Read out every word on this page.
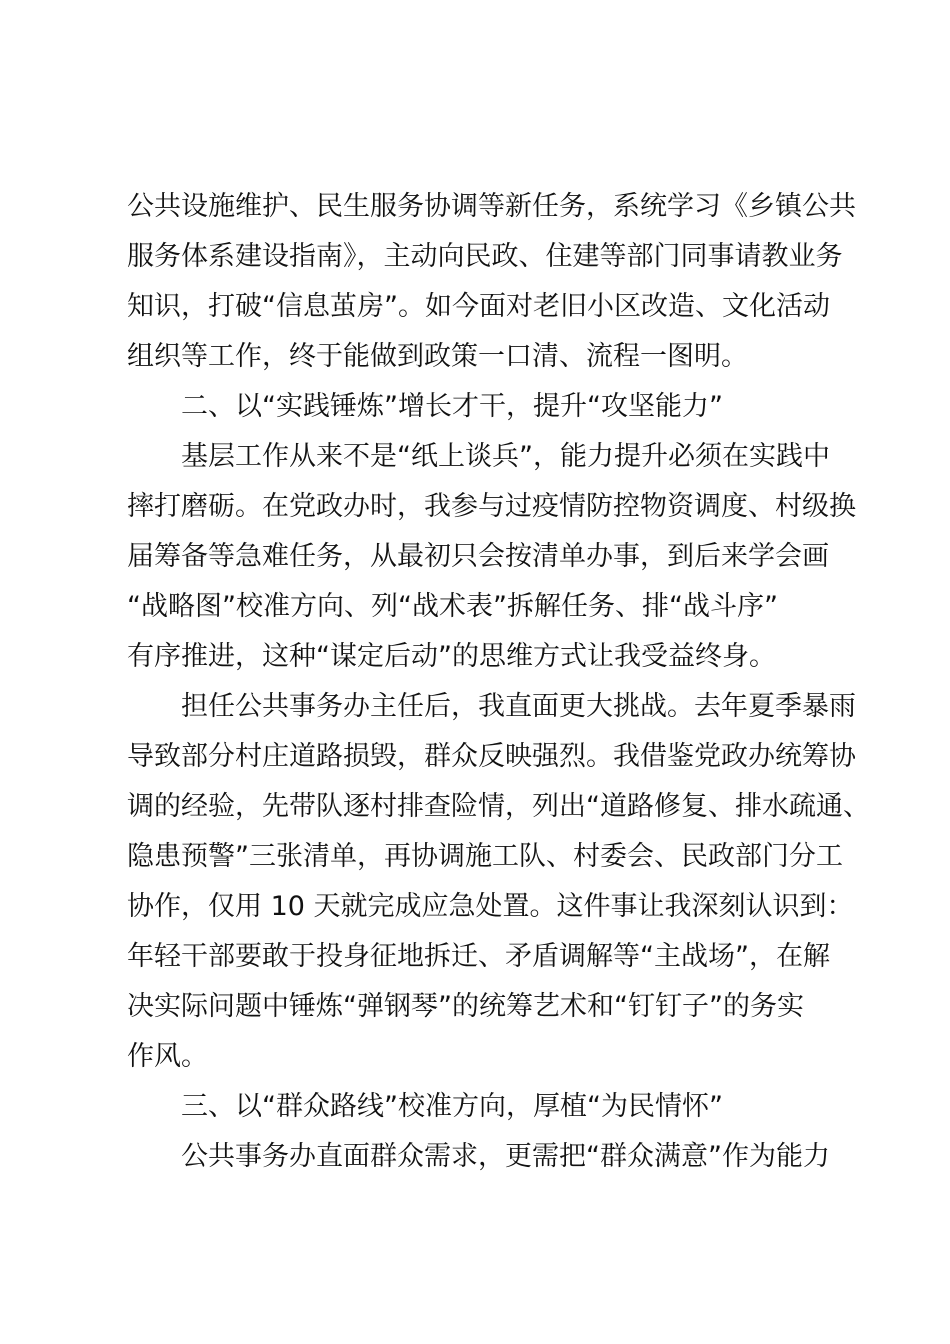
公共设施维护、民生服务协调等新任务，系统学习《乡镇公共
服务体系建设指南》，主动向民政、住建等部门同事请教业务
知识，打破“信息茧房”。如今面对老旧小区改造、文化活动
组织等工作，终于能做到政策一口清、流程一图明。
二、以“实践锤炼”增长才干，提升“攻坚能力”
基层工作从来不是“纸上谈兵”，能力提升必须在实践中
摔打磨砺。在党政办时，我参与过疫情防控物资调度、村级换
届筹备等急难任务，从最初只会按清单办事，到后来学会画
“战略图”校准方向、列“战术表”拆解任务、排“战斗序”
有序推进，这种“谋定后动”的思维方式让我受益终身。
担任公共事务办主任后，我直面更大挑战。去年夏季暴雨
导致部分村庄道路损毁，群众反映强烈。我借鉴党政办统筹协
调的经验，先带队逐村排查险情，列出“道路修复、排水疏通、
隐患预警”三张清单，再协调施工队、村委会、民政部门分工
协作，仅用 10 天就完成应急处置。这件事让我深刻认识到：
年轻干部要敢于投身征地拆迁、矛盾调解等“主战场”，在解
决实际问题中锤炼“弹钢琴”的统筹艺术和“钉钉子”的务实
作风。
三、以“群众路线”校准方向，厚植“为民情怀”
公共事务办直面群众需求，更需把“群众满意”作为能力
